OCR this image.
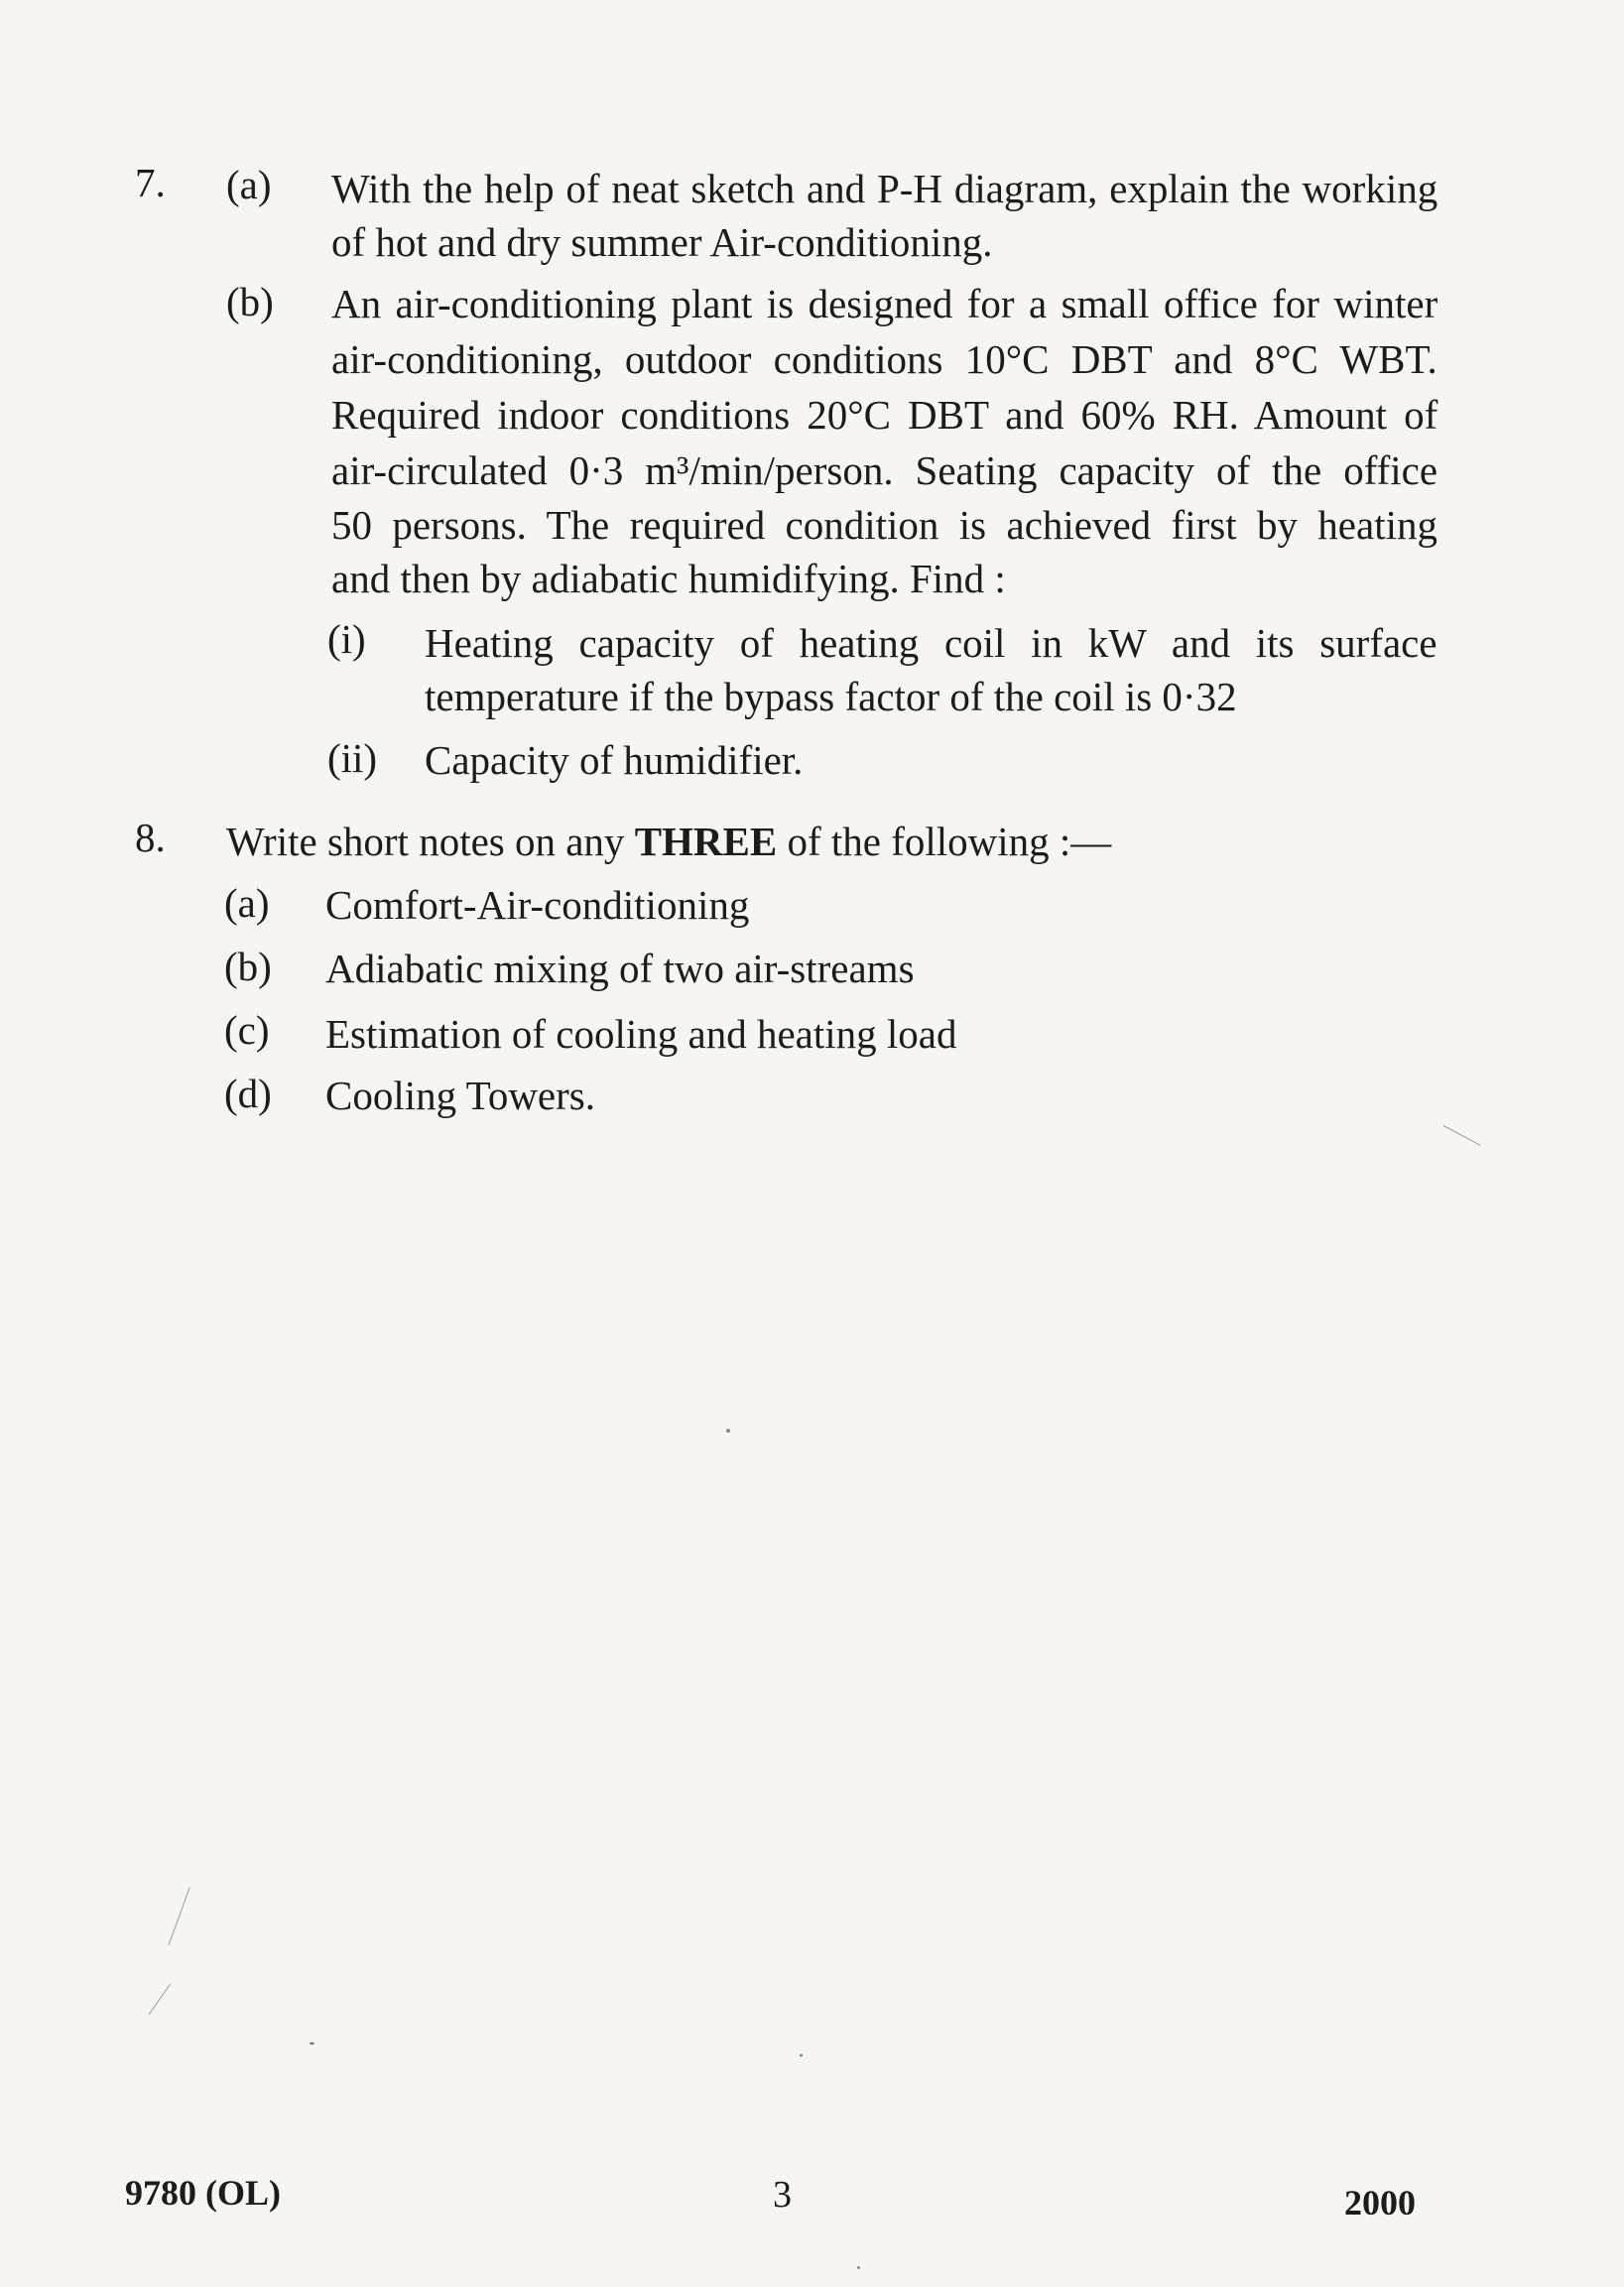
7. (a) With the help of neat sketch and P-H diagram, explain the working
of hot and dry summer Air-conditioning.
(b) An air-conditioning plant is designed for a small office for winter
air-conditioning, outdoor conditions 10°C DBT and 8°C WBT.
Required indoor conditions 20°C DBT and 60% RH. Amount of
air-circulated 0·3 m³/min/person. Seating capacity of the office
50 persons. The required condition is achieved first by heating
and then by adiabatic humidifying. Find :
(i) Heating capacity of heating coil in kW and its surface
temperature if the bypass factor of the coil is 0·32
(ii) Capacity of humidifier.
8. Write short notes on any THREE of the following :—
(a) Comfort-Air-conditioning
(b) Adiabatic mixing of two air-streams
(c) Estimation of cooling and heating load
(d) Cooling Towers.
9780 (OL)	3	2000
